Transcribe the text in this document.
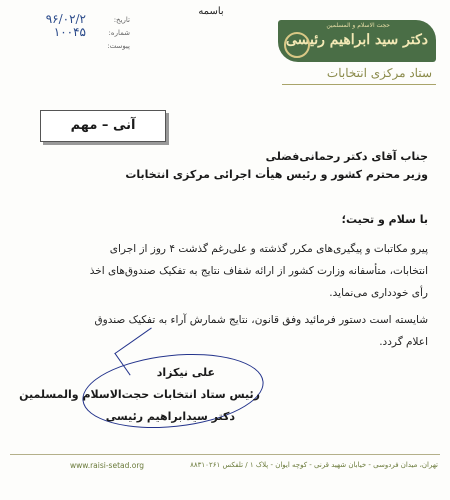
باسمه
تاریخ:
۹۶/۰۲/۲
شماره:
۱۰۰۴۵
پیوست:
حجت الاسلام و المسلمین
دکتر سید ابراهیم رئیسی
ستاد مرکزی انتخابات
آنی – مهم
جناب آقای دکتر رحمانی‌فضلی
وزیر محترم کشور و رئیس هیأت اجرائی مرکزی انتخابات
با سلام و تحیت؛
پیرو مکاتبات و پیگیری‌های مکرر گذشته و علی‌رغم گذشت ۴ روز از اجرای
انتخابات، متأسفانه وزارت کشور از ارائه شفاف نتایج به تفکیک صندوق‌های اخذ
رأی خودداری می‌نماید.
شایسته است دستور فرمائید وفق قانون، نتایج شمارش آراء به تفکیک صندوق
اعلام گردد.
علی نیکزاد
رئیس ستاد انتخابات حجت‌الاسلام والمسلمین
دکتر سیدابراهیم رئیسی
www.raisi-setad.org	تهران، میدان فردوسی - خیابان شهید قرنی - کوچه ایوان - پلاک ۱ / تلفکس ۸۸۳۱۰۲۶۱
